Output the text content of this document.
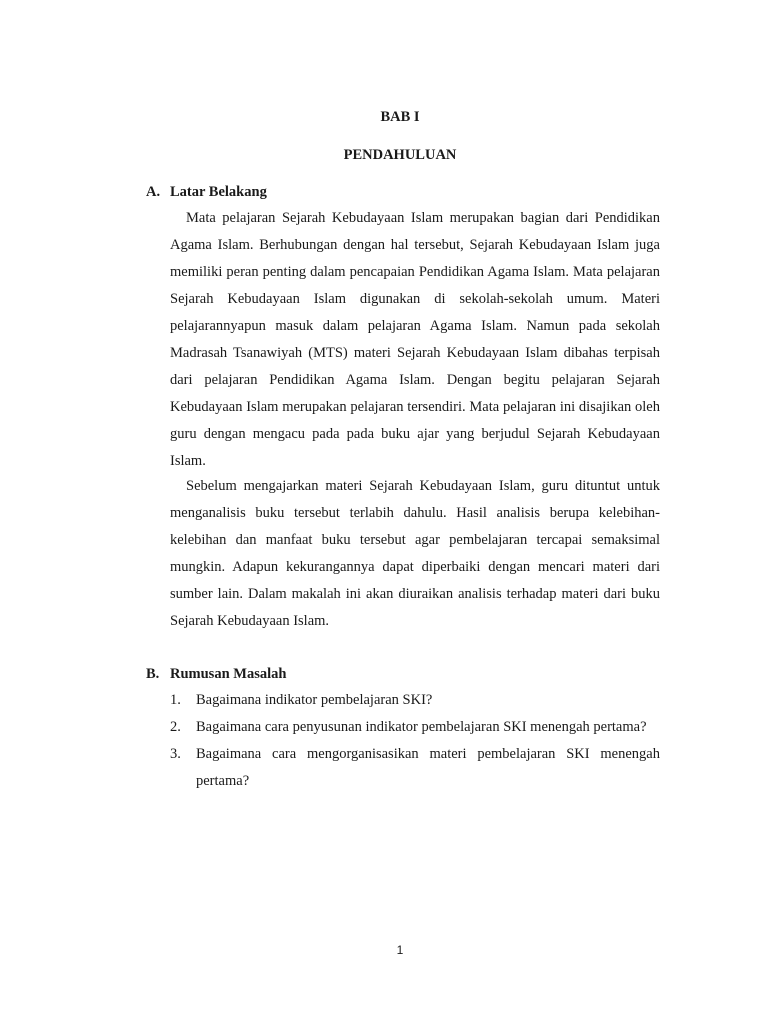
BAB I

PENDAHULUAN

A. Latar Belakang

Mata pelajaran Sejarah Kebudayaan Islam merupakan bagian dari Pendidikan Agama Islam. Berhubungan dengan hal tersebut, Sejarah Kebudayaan Islam juga memiliki peran penting dalam pencapaian Pendidikan Agama Islam. Mata pelajaran Sejarah Kebudayaan Islam digunakan di sekolah-sekolah umum. Materi pelajarannyapun masuk dalam pelajaran Agama Islam. Namun pada sekolah Madrasah Tsanawiyah (MTS) materi Sejarah Kebudayaan Islam dibahas terpisah dari pelajaran Pendidikan Agama Islam. Dengan begitu pelajaran Sejarah Kebudayaan Islam merupakan pelajaran tersendiri. Mata pelajaran ini disajikan oleh guru dengan mengacu pada pada buku ajar yang berjudul Sejarah Kebudayaan Islam.

Sebelum mengajarkan materi Sejarah Kebudayaan Islam, guru dituntut untuk menganalisis buku tersebut terlabih dahulu. Hasil analisis berupa kelebihan-kelebihan dan manfaat buku tersebut agar pembelajaran tercapai semaksimal mungkin. Adapun kekurangannya dapat diperbaiki dengan mencari materi dari sumber lain. Dalam makalah ini akan diuraikan analisis terhadap materi dari buku Sejarah Kebudayaan Islam.

B. Rumusan Masalah
1.	Bagaimana indikator pembelajaran SKI?
2.	Bagaimana cara penyusunan indikator pembelajaran SKI menengah pertama?
3.	Bagaimana cara mengorganisasikan materi pembelajaran SKI menengah pertama?

1
